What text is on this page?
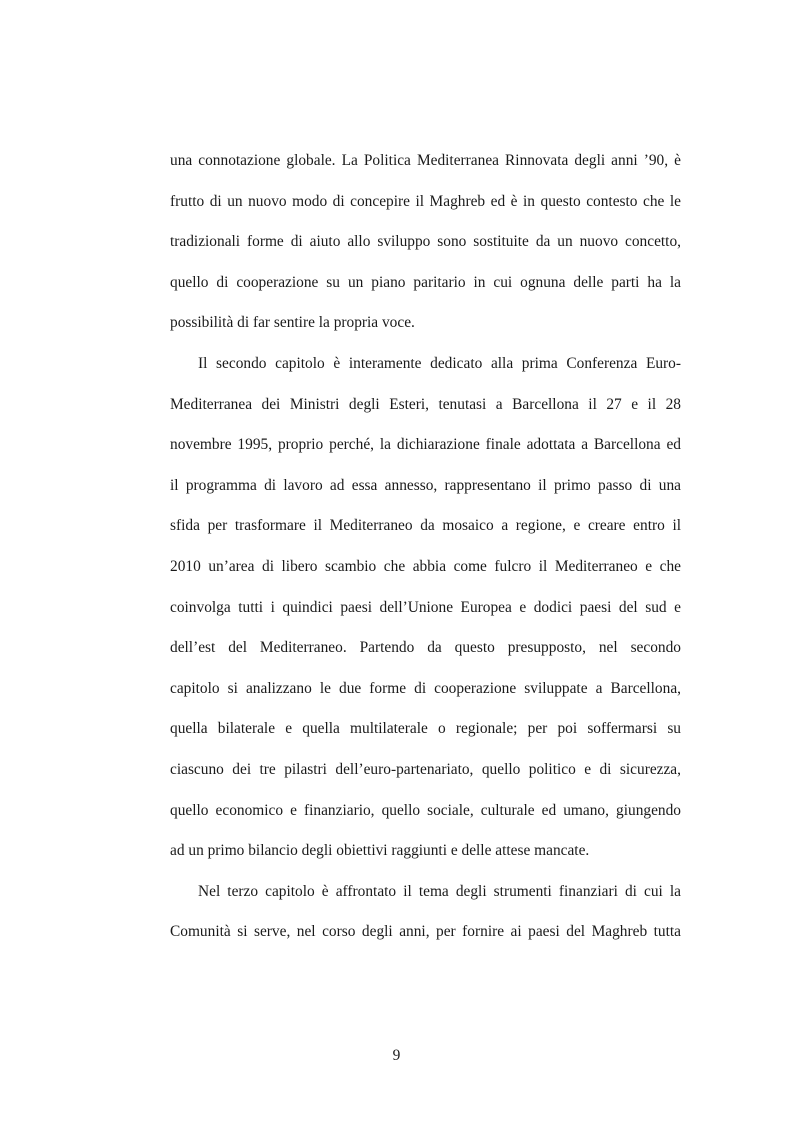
una connotazione globale. La Politica Mediterranea Rinnovata degli anni ’90, è
frutto di un nuovo modo di concepire il Maghreb ed è in questo contesto che le
tradizionali forme di aiuto allo sviluppo sono sostituite da un nuovo concetto,
quello di cooperazione su un piano paritario in cui ognuna delle parti ha la
possibilità di far sentire la propria voce.
Il secondo capitolo è interamente dedicato alla prima Conferenza Euro-
Mediterranea dei Ministri degli Esteri, tenutasi a Barcellona il 27 e il 28
novembre 1995, proprio perché, la dichiarazione finale adottata a Barcellona ed
il programma di lavoro ad essa annesso, rappresentano il primo passo di una
sfida per trasformare il Mediterraneo da mosaico a regione, e creare entro il
2010 un’area di libero scambio che abbia come fulcro il Mediterraneo e che
coinvolga tutti i quindici paesi dell’Unione Europea e dodici paesi del sud e
dell’est del Mediterraneo. Partendo da questo presupposto, nel secondo
capitolo si analizzano le due forme di cooperazione sviluppate a Barcellona,
quella bilaterale e quella multilaterale o regionale; per poi soffermarsi su
ciascuno dei tre pilastri dell’euro-partenariato, quello politico e di sicurezza,
quello economico e finanziario, quello sociale, culturale ed umano, giungendo
ad un primo bilancio degli obiettivi raggiunti e delle attese mancate.
Nel terzo capitolo è affrontato il tema degli strumenti finanziari di cui la
Comunità si serve, nel corso degli anni, per fornire ai paesi del Maghreb tutta
9
